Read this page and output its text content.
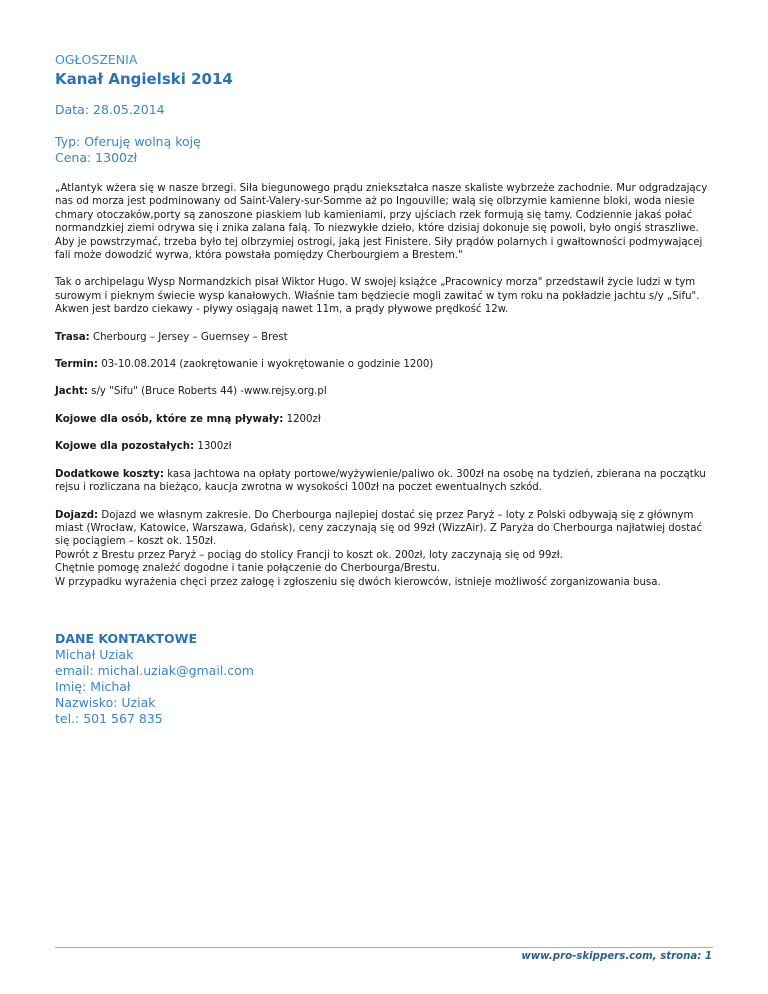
OGŁOSZENIA
Kanał Angielski 2014
Data: 28.05.2014
Typ: Oferuję wolną koję
Cena: 1300zł
„Atlantyk wżera się w nasze brzegi. Siła biegunowego prądu zniekształca nasze skaliste wybrzeże zachodnie. Mur odgradzający nas od morza jest podminowany od Saint-Valery-sur-Somme aż po Ingouville; walą się olbrzymie kamienne bloki, woda niesie chmary otoczaków,porty są zanoszone piaskiem lub kamieniami, przy ujściach rzek formują się tamy. Codziennie jakaś połać normandzkiej ziemi odrywa się i znika zalana falą. To niezwykłe dzieło, które dzisiaj dokonuje się powoli, było ongiś straszliwe. Aby je powstrzymać, trzeba było tej olbrzymiej ostrogi, jaką jest Finistere. Siły prądów polarnych i gwałtowności podmywającej fali może dowodzić wyrwa, która powstała pomiędzy Cherbourgiem a Brestem."
Tak o archipelagu Wysp Normandzkich pisał Wiktor Hugo. W swojej książce „Pracownicy morza" przedstawił życie ludzi w tym surowym i pieknym świecie wysp kanałowych. Właśnie tam będziecie mogli zawitać w tym roku na pokładzie jachtu s/y „Sifu". Akwen jest bardzo ciekawy - pływy osiągają nawet 11m, a prądy pływowe prędkość 12w.
Trasa: Cherbourg – Jersey – Guernsey – Brest
Termin: 03-10.08.2014 (zaokrętowanie i wyokrętowanie o godzinie 1200)
Jacht: s/y "Sifu" (Bruce Roberts 44) -www.rejsy.org.pl
Kojowe dla osób, które ze mną pływały: 1200zł
Kojowe dla pozostałych: 1300zł
Dodatkowe koszty: kasa jachtowa na opłaty portowe/wyżywienie/paliwo ok. 300zł na osobę na tydzień, zbierana na początku rejsu i rozliczana na bieżąco, kaucja zwrotna w wysokości 100zł na poczet ewentualnych szkód.
Dojazd: Dojazd we własnym zakresie. Do Cherbourga najlepiej dostać się przez Paryż – loty z Polski odbywają się z głównym miast (Wrocław, Katowice, Warszawa, Gdańsk), ceny zaczynają się od 99zł (WizzAir). Z Paryża do Cherbourga najłatwiej dostać się pociągiem – koszt ok. 150zł.
Powrót z Brestu przez Paryż – pociąg do stolicy Francji to koszt ok. 200zł, loty zaczynają się od 99zł.
Chętnie pomogę znaleźć dogodne i tanie połączenie do Cherbourga/Brestu.
W przypadku wyrażenia chęci przez załogę i zgłoszeniu się dwóch kierowców, istnieje możliwość zorganizowania busa.
DANE KONTAKTOWE
Michał Uziak
email: michal.uziak@gmail.com
Imię: Michał
Nazwisko: Uziak
tel.: 501 567 835
www.pro-skippers.com, strona: 1
